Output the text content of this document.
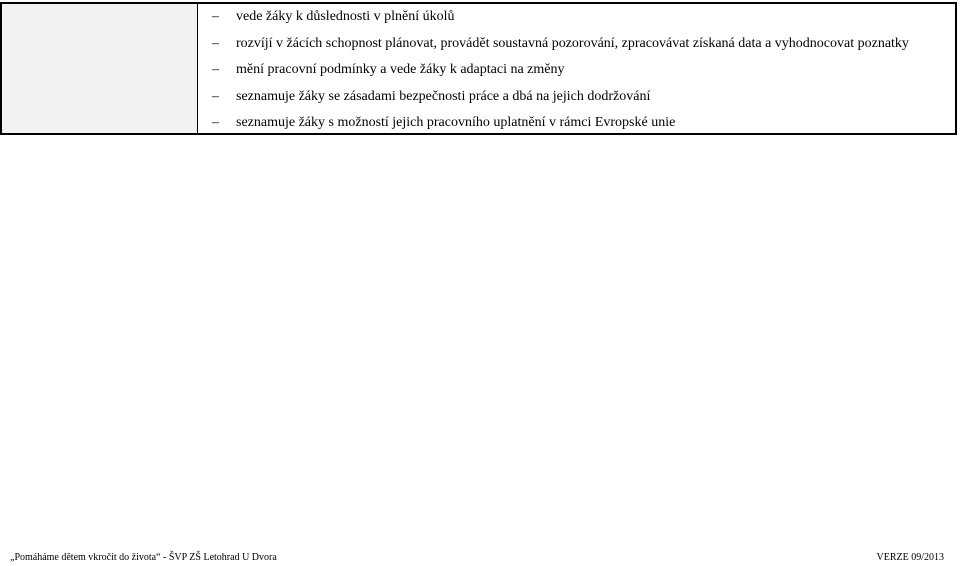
–	vede žáky k důslednosti v plnění úkolů
–	rozvíjí v žácích schopnost plánovat, provádět soustavná pozorování, zpracovávat získaná data a vyhodnocovat poznatky
–	mění pracovní podmínky a vede žáky k adaptaci na změny
–	seznamuje žáky se zásadami bezpečnosti práce a dbá na jejich dodržování
–	seznamuje žáky s možností jejich pracovního uplatnění v rámci Evropské unie
„Pomáháme dětem vkročit do života“ - ŠVP ZŠ Letohrad U Dvora	VERZE 09/2013
